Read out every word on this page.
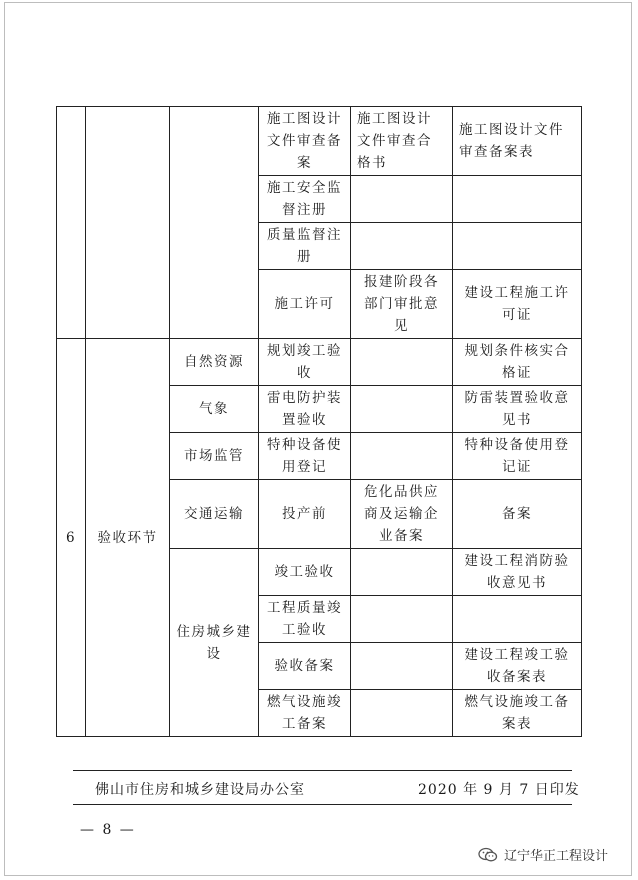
			施工图设计文件审查备案	施工图设计文件审查合格书	施工图设计文件审查备案表
			施工安全监督注册		
			质量监督注册		
			施工许可	报建阶段各部门审批意见	建设工程施工许可证
6	验收环节	自然资源	规划竣工验收		规划条件核实合格证
		气象	雷电防护装置验收		防雷装置验收意见书
		市场监管	特种设备使用登记		特种设备使用登记证
		交通运输	投产前	危化品供应商及运输企业备案	备案
		住房城乡建设	竣工验收		建设工程消防验收意见书
			工程质量竣工验收		
			验收备案		建设工程竣工验收备案表
			燃气设施竣工备案		燃气设施竣工备案表
佛山市住房和城乡建设局办公室	2020 年 9 月 7 日印发
— 8 —
辽宁华正工程设计
